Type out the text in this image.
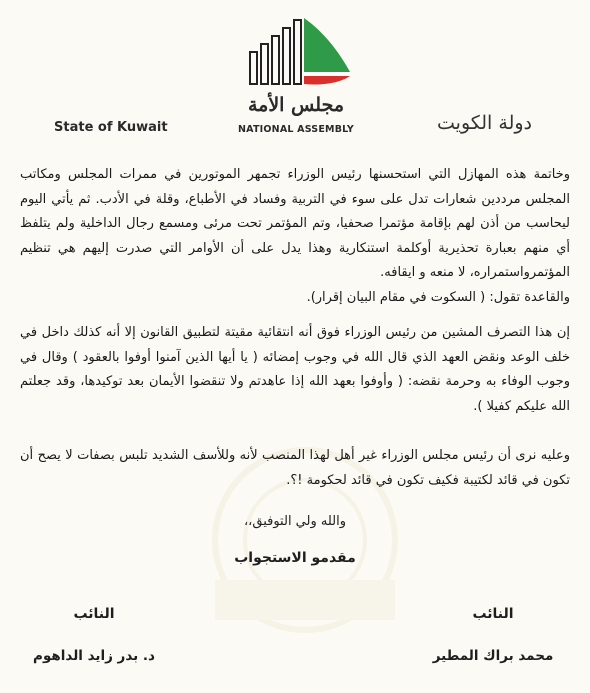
مجلس الأمة
NATIONAL ASSEMBLY
State of Kuwait	دولة الكويت
وخاتمة هذه المهازل التي استحسنها رئيس الوزراء تجمهر الموتورين في ممرات المجلس ومكاتب المجلس مرددين شعارات تدل على سوء في التربية وفساد في الأطباع، وقلة في الأدب. ثم يأتي اليوم ليحاسب من أذن لهم بإقامة مؤتمرا صحفيا، وتم المؤتمر تحت مرئى ومسمع رجال الداخلية ولم يتلفظ أي منهم بعبارة تحذيرية أوكلمة استنكارية وهذا يدل على أن الأوامر التي صدرت إليهم هي تنظيم المؤتمرواستمراره، لا منعه و ايقافه.
والقاعدة تقول: ( السكوت في مقام البيان إقرار).
إن هذا التصرف المشين من رئيس الوزراء فوق أنه انتقائية مقيتة لتطبيق القانون إلا أنه كذلك داخل في خلف الوعد ونقض العهد الذي قال الله في وجوب إمضائه ( يا أيها الذين آمنوا أوفوا بالعقود ) وقال في وجوب الوفاء به وحرمة نقضه: ( وأوفوا بعهد الله إذا عاهدتم ولا تنقضوا الأيمان بعد توكيدها، وقد جعلتم الله عليكم كفيلا ).
وعليه نرى أن رئيس مجلس الوزراء غير أهل لهذا المنصب لأنه وللأسف الشديد تلبس بصفات لا يصح أن تكون في قائد لكتيبة فكيف تكون في قائد لحكومة !؟.
والله ولي التوفيق،،
مقدمو الاستجواب
النائب
محمد براك المطير
النائب
د. بدر زايد الداهوم
